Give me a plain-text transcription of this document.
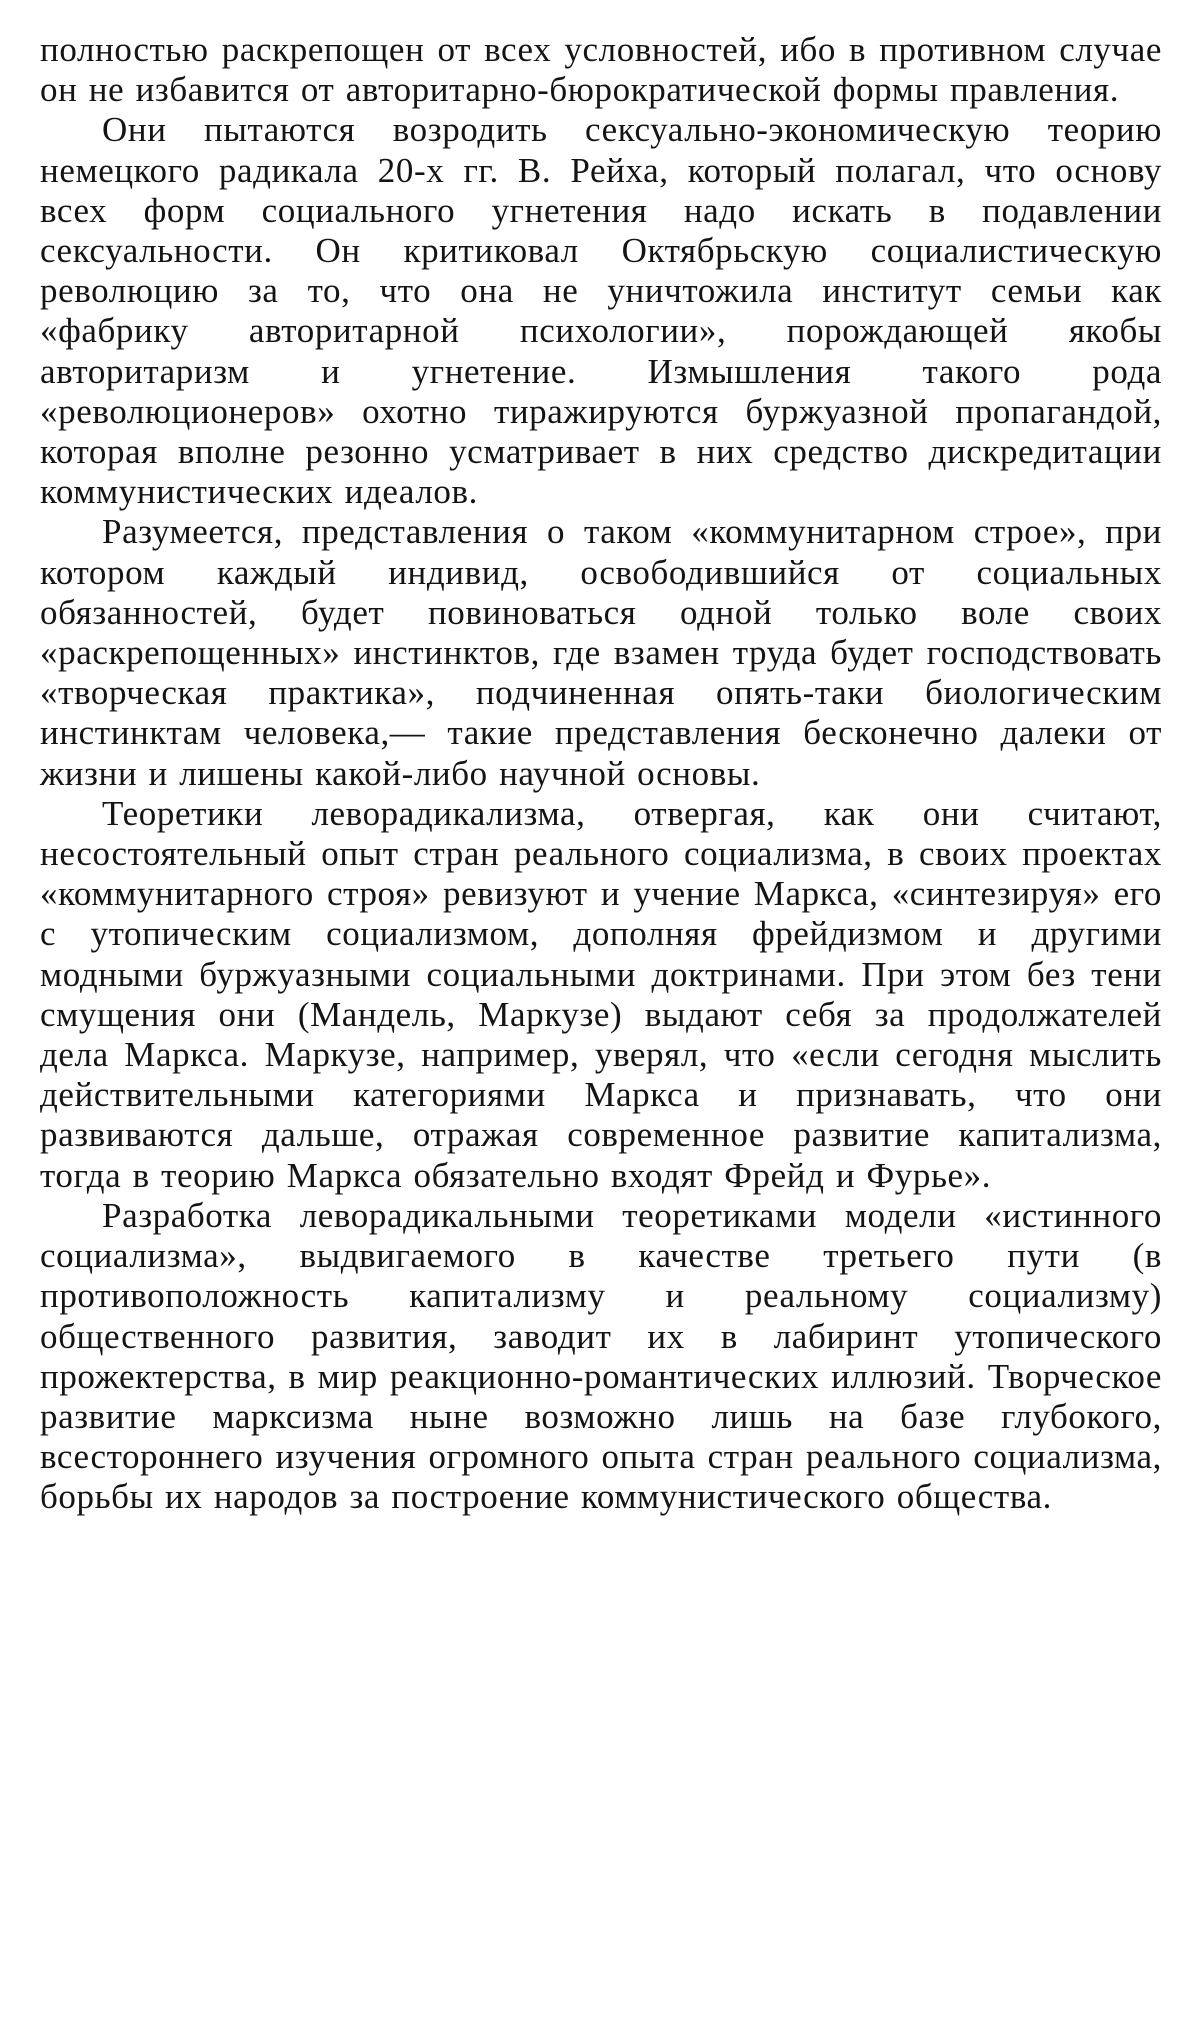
полностью раскрепощен от всех условностей, ибо в противном случае он не избавится от авторитарно-бюрократической формы правления.

Они пытаются возродить сексуально-экономическую теорию немецкого радикала 20-х гг. В. Рейха, который полагал, что основу всех форм социального угнетения надо искать в подавлении сексуальности. Он критиковал Октябрьскую социалистическую революцию за то, что она не уничтожила институт семьи как «фабрику авторитарной психологии», порождающей якобы авторитаризм и угнетение. Измышления такого рода «революционеров» охотно тиражируются буржуазной пропагандой, которая вполне резонно усматривает в них средство дискредитации коммунистических идеалов.

Разумеется, представления о таком «коммунитарном строе», при котором каждый индивид, освободившийся от социальных обязанностей, будет повиноваться одной только воле своих «раскрепощенных» инстинктов, где взамен труда будет господствовать «творческая практика», подчиненная опять-таки биологическим инстинктам человека,— такие представления бесконечно далеки от жизни и лишены какой-либо научной основы.

Теоретики леворадикализма, отвергая, как они считают, несостоятельный опыт стран реального социализма, в своих проектах «коммунитарного строя» ревизуют и учение Маркса, «синтезируя» его с утопическим социализмом, дополняя фрейдизмом и другими модными буржуазными социальными доктринами. При этом без тени смущения они (Мандель, Маркузе) выдают себя за продолжателей дела Маркса. Маркузе, например, уверял, что «если сегодня мыслить действительными категориями Маркса и признавать, что они развиваются дальше, отражая современное развитие капитализма, тогда в теорию Маркса обязательно входят Фрейд и Фурье».

Разработка леворадикальными теоретиками модели «истинного социализма», выдвигаемого в качестве третьего пути (в противоположность капитализму и реальному социализму) общественного развития, заводит их в лабиринт утопического прожектерства, в мир реакционно-романтических иллюзий. Творческое развитие марксизма ныне возможно лишь на базе глубокого, всестороннего изучения огромного опыта стран реального социализма, борьбы их народов за построение коммунистического общества.
